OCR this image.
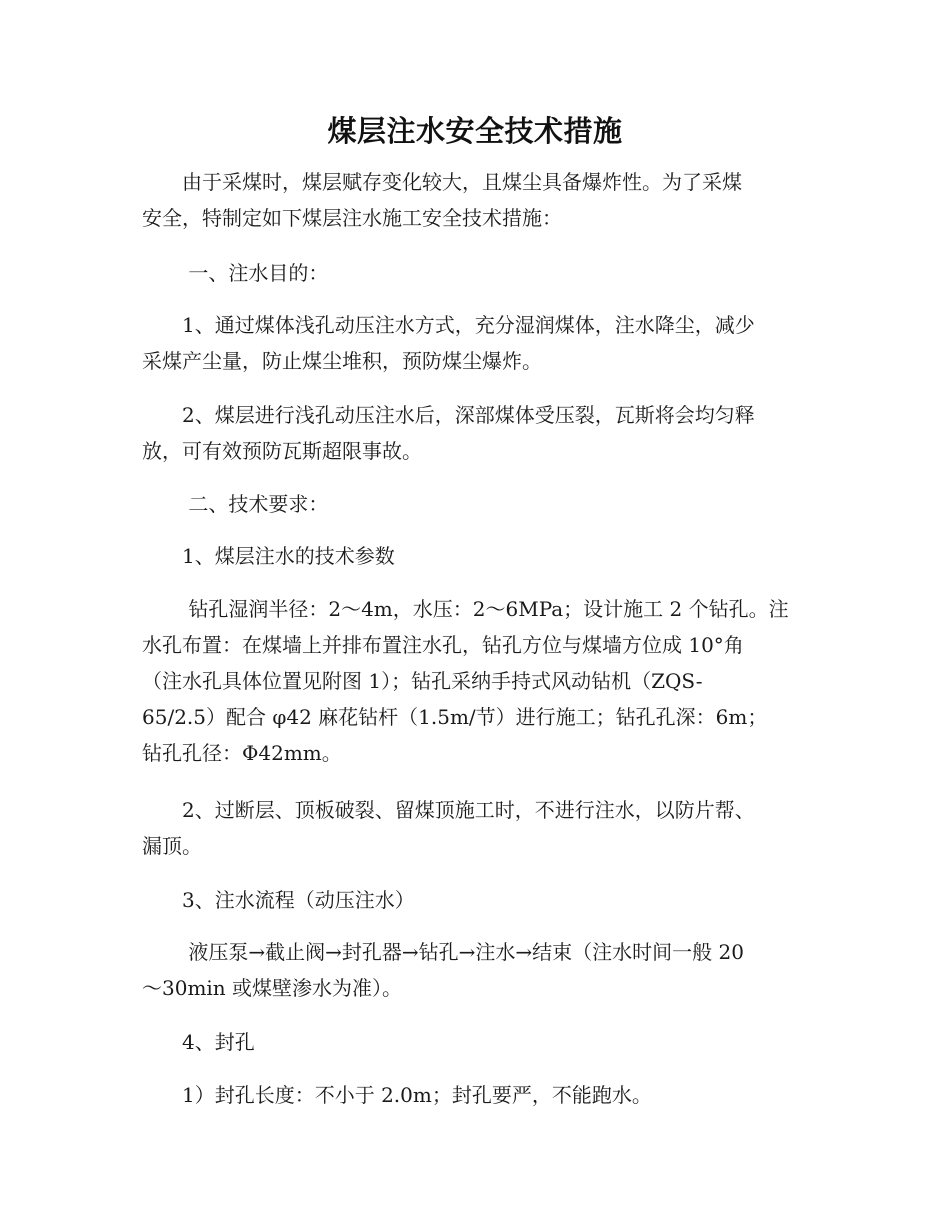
煤层注水安全技术措施
　　由于采煤时，煤层赋存变化较大，且煤尘具备爆炸性。为了采煤
安全，特制定如下煤层注水施工安全技术措施：
　　 一、注水目的：
　　1、通过煤体浅孔动压注水方式，充分湿润煤体，注水降尘，减少
采煤产尘量，防止煤尘堆积，预防煤尘爆炸。
　　2、煤层进行浅孔动压注水后，深部煤体受压裂，瓦斯将会均匀释
放，可有效预防瓦斯超限事故。
　　 二、技术要求：
　　1、煤层注水的技术参数
　　 钻孔湿润半径：2～4m，水压：2～6MPa；设计施工 2 个钻孔。注
水孔布置：在煤墙上并排布置注水孔，钻孔方位与煤墙方位成 10°角
（注水孔具体位置见附图 1）；钻孔采纳手持式风动钻机（ZQS-
65/2.5）配合 φ42 麻花钻杆（1.5m/节）进行施工；钻孔孔深：6m；
钻孔孔径：Φ42mm。
　　2、过断层、顶板破裂、留煤顶施工时，不进行注水，以防片帮、
漏顶。
　　3、注水流程（动压注水）
　　 液压泵→截止阀→封孔器→钻孔→注水→结束（注水时间一般 20
～30min 或煤壁渗水为准）。
　　4、封孔
　　1）封孔长度：不小于 2.0m；封孔要严，不能跑水。
